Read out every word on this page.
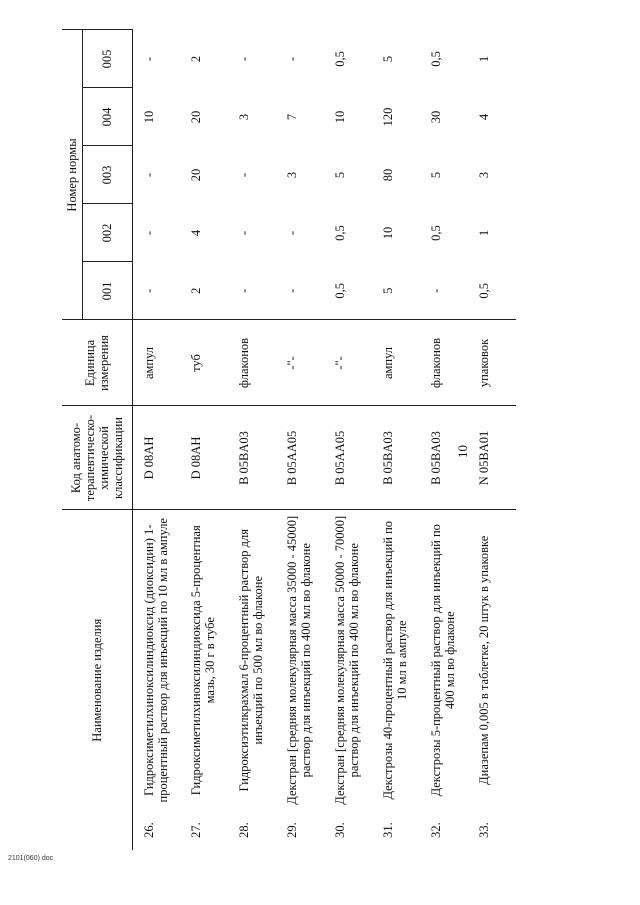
Наименование изделия		Код анатомо-терапевтическо-химической классификации	Единица измерения	Номер нормы				
				001	002	003	004	005
26.	Гидроксиметилхиноксилиндиоксид (диоксидин) 1-процентный раствор для инъекций по 10 мл в ампуле	D 08AH	ампул	-	-	-	10	-
27.	Гидроксиметилхиноксилиндиоксида 5-процентная мазь, 30 г в тубе	D 08AH	туб	2	4	20	20	2
28.	Гидроксиэтилкрахмал 6-процентный раствор для инъекций по 500 мл во флаконе	B 05BA03	флаконов	-	-	-	3	-
29.	Декстран [средняя молекулярная масса 35000 - 45000] раствор для инъекций по 400 мл во флаконе	B 05AA05	-"-	-	-	3	7	-
30.	Декстран [средняя молекулярная масса 50000 - 70000] раствор для инъекций по 400 мл во флаконе	B 05AA05	-"-	0,5	0,5	5	10	0,5
31.	Декстрозы 40-процентный раствор для инъекций по 10 мл в ампуле	B 05BA03	ампул	5	10	80	120	5
32.	Декстрозы 5-процентный раствор для инъекций по 400 мл во флаконе	B 05BA03	флаконов	-	0,5	5	30	0,5
33.	Диазепам 0,005 в таблетке, 20 штук в упаковке	N 05BA01	упаковок	0,5	1	3	4	1
10
2101(060) doc
